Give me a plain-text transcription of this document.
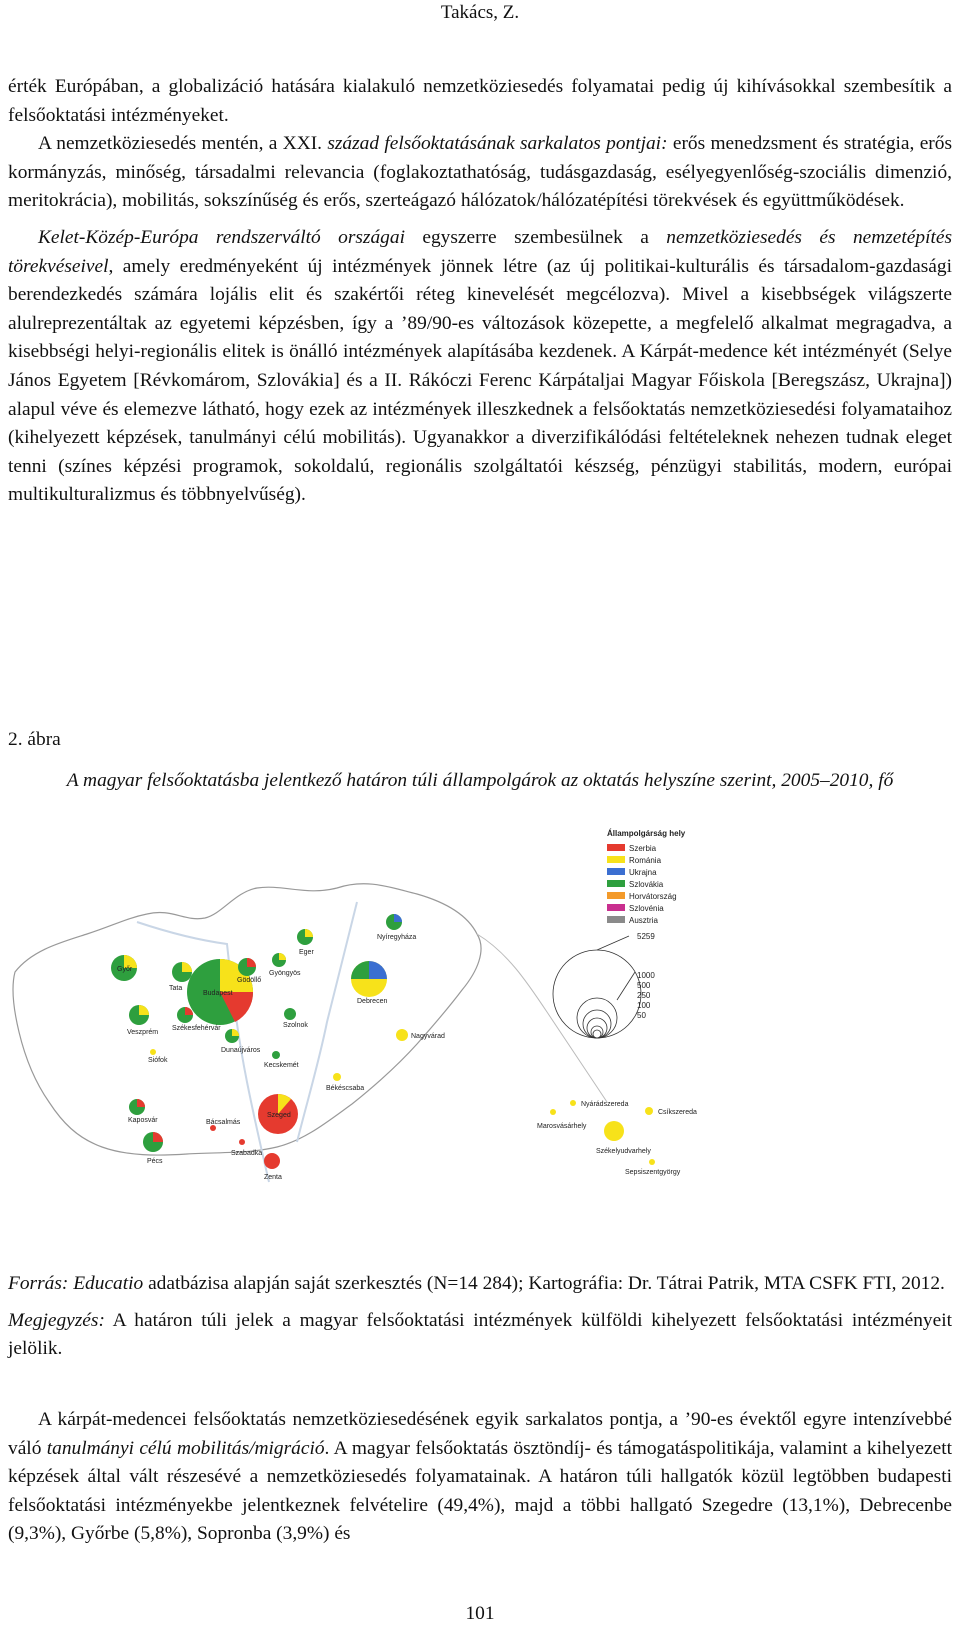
Takács, Z.

érték Európában, a globalizáció hatására kialakuló nemzetköziesedés folyamatai pedig új kihívásokkal szembesítik a felsőoktatási intézményeket.

A nemzetköziesedés mentén, a XXI. század felsőoktatásának sarkalatos pontjai: erős menedzsment és stratégia, erős kormányzás, minőség, társadalmi relevancia (foglakoztathatóság, tudásgazdaság, esélyegyenlőség-szociális dimenzió, meritokrácia), mobilitás, sokszínűség és erős, szerteágazó hálózatok/hálózatépítési törekvések és együttműködések.

Kelet-Közép-Európa rendszerváltó országai egyszerre szembesülnek a nemzetköziesedés és nemzetépítés törekvéseivel, amely eredményeként új intézmények jönnek létre (az új politikai-kulturális és társadalom-gazdasági berendezkedés számára lojális elit és szakértői réteg kinevelését megcélozva). Mivel a kisebbségek világszerte alulreprezentáltak az egyetemi képzésben, így a ’89/90-es változások közepette, a megfelelő alkalmat megragadva, a kisebbségi helyi-regionális elitek is önálló intézmények alapításába kezdenek. A Kárpát-medence két intézményét (Selye János Egyetem [Révkomárom, Szlovákia] és a II. Rákóczi Ferenc Kárpátaljai Magyar Főiskola [Beregszász, Ukrajna]) alapul véve és elemezve látható, hogy ezek az intézmények illeszkednek a felsőoktatás nemzetköziesedési folyamataihoz (kihelyezett képzések, tanulmányi célú mobilitás). Ugyanakkor a diverzifikálódási feltételeknek nehezen tudnak eleget tenni (színes képzési programok, sokoldalú, regionális szolgáltatói készség, pénzügyi stabilitás, modern, európai multikulturalizmus és többnyelvűség).

2. ábra
A magyar felsőoktatásba jelentkező határon túli állampolgárok az oktatás helyszíne szerint, 2005–2010, fő
Győr
Tata
Budapest
Gödöllő
Eger
Nyíregyháza
Gyöngyös
Veszprém
Székesfehérvár
Dunaújváros
Szolnok
Debrecen
Siófok
Kecskemét
Békéscsaba
Nagyvárad
Kaposvár	Bácsalmás
Szeged
Szabadka
Pécs
Zenta
Nyárádszereda
Marosvásárhely
Csíkszereda
Székelyudvarhely
Sepsiszentgyörgy
Állampolgárság hely
Szerbia
Románia
Ukrajna
Szlovákia
Horvátország
Szlovénia
Ausztria
5259
1000
500
250
100
50

Forrás: Educatio adatbázisa alapján saját szerkesztés (N=14 284); Kartográfia: Dr. Tátrai Patrik, MTA CSFK FTI, 2012.

Megjegyzés: A határon túli jelek a magyar felsőoktatási intézmények külföldi kihelyezett felsőoktatási intézményeit jelölik.

A kárpát-medencei felsőoktatás nemzetköziesedésének egyik sarkalatos pontja, a ’90-es évektől egyre intenzívebbé váló tanulmányi célú mobilitás/migráció. A magyar felsőoktatás ösztöndíj- és támogatáspolitikája, valamint a kihelyezett képzések által vált részesévé a nemzetköziesedés folyamatainak. A határon túli hallgatók közül legtöbben budapesti felsőoktatási intézményekbe jelentkeznek felvételire (49,4%), majd a többi hallgató Szegedre (13,1%), Debrecenbe (9,3%), Győrbe (5,8%), Sopronba (3,9%) és

101
